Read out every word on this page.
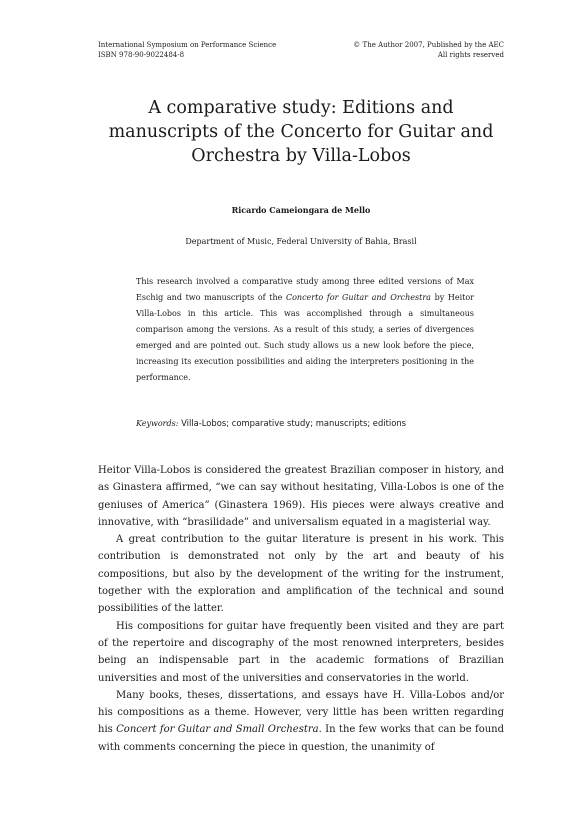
International Symposium on Performance Science
ISBN 978-90-9022484-8
© The Author 2007, Published by the AEC
All rights reserved
A comparative study: Editions and
manuscripts of the Concerto for Guitar and
Orchestra by Villa-Lobos
Ricardo Cameiongara de Mello
Department of Music, Federal University of Bahia, Brasil
This research involved a comparative study among three edited versions of Max Eschig and two manuscripts of the Concerto for Guitar and Orchestra by Heitor Villa-Lobos in this article. This was accomplished through a simultaneous comparison among the versions. As a result of this study, a series of divergences emerged and are pointed out. Such study allows us a new look before the piece, increasing its execution possibilities and aiding the interpreters positioning in the performance.
Keywords: Villa-Lobos; comparative study; manuscripts; editions

Heitor Villa-Lobos is considered the greatest Brazilian composer in history, and as Ginastera affirmed, “we can say without hesitating, Villa-Lobos is one of the geniuses of America” (Ginastera 1969). His pieces were always creative and innovative, with “brasilidade” and universalism equated in a magisterial way.

A great contribution to the guitar literature is present in his work. This contribution is demonstrated not only by the art and beauty of his compositions, but also by the development of the writing for the instrument, together with the exploration and amplification of the technical and sound possibilities of the latter.

His compositions for guitar have frequently been visited and they are part of the repertoire and discography of the most renowned interpreters, besides being an indispensable part in the academic formations of Brazilian universities and most of the universities and conservatories in the world.

Many books, theses, dissertations, and essays have H. Villa-Lobos and/or his compositions as a theme. However, very little has been written regarding his Concert for Guitar and Small Orchestra. In the few works that can be found with comments concerning the piece in question, the unanimity of
